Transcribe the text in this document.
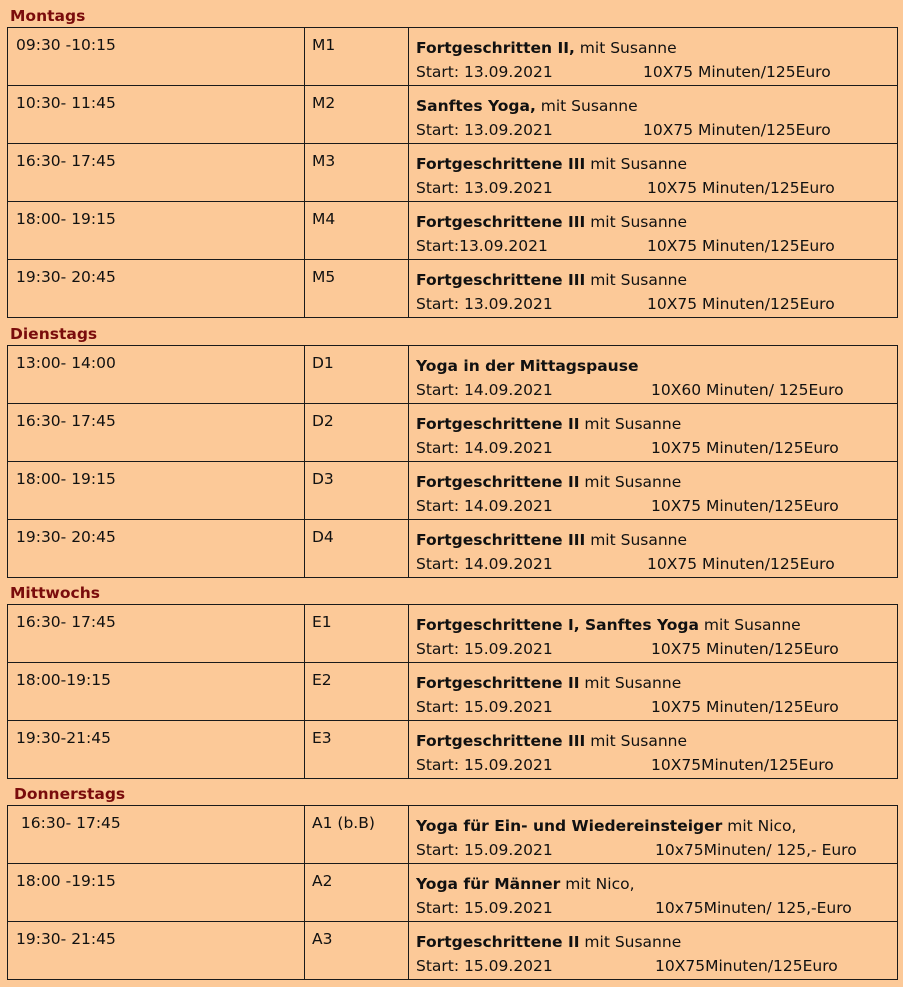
Montags
09:30 -10:15	M1	Fortgeschritten II, mit Susanne
Start: 13.09.2021 10X75 Minuten/125Euro

10:30- 11:45	M2	Sanftes Yoga, mit Susanne
Start: 13.09.2021 10X75 Minuten/125Euro

16:30- 17:45	M3	Fortgeschrittene III mit Susanne
Start: 13.09.2021 10X75 Minuten/125Euro

18:00- 19:15	M4	Fortgeschrittene III mit Susanne
Start:13.09.2021 10X75 Minuten/125Euro

19:30- 20:45	M5	Fortgeschrittene III mit Susanne
Start: 13.09.2021 10X75 Minuten/125Euro
Dienstags
13:00- 14:00	D1	Yoga in der Mittagspause
Start: 14.09.2021 10X60 Minuten/ 125Euro

16:30- 17:45	D2	Fortgeschrittene II mit Susanne
Start: 14.09.2021 10X75 Minuten/125Euro

18:00- 19:15	D3	Fortgeschrittene II mit Susanne
Start: 14.09.2021 10X75 Minuten/125Euro

19:30- 20:45	D4	Fortgeschrittene III mit Susanne
Start: 14.09.2021 10X75 Minuten/125Euro
Mittwochs
16:30- 17:45	E1	Fortgeschrittene I, Sanftes Yoga mit Susanne
Start: 15.09.2021 10X75 Minuten/125Euro

18:00-19:15	E2	Fortgeschrittene II mit Susanne
Start: 15.09.2021 10X75 Minuten/125Euro

19:30-21:45	E3	Fortgeschrittene III mit Susanne
Start: 15.09.2021 10X75Minuten/125Euro
Donnerstags
16:30- 17:45	A1 (b.B)	Yoga für Ein- und Wiedereinsteiger mit Nico,
Start: 15.09.2021 10x75Minuten/ 125,- Euro

18:00 -19:15	A2	Yoga für Männer mit Nico,
Start: 15.09.2021 10x75Minuten/ 125,-Euro

19:30- 21:45	A3	Fortgeschrittene II mit Susanne
Start: 15.09.2021 10X75Minuten/125Euro
